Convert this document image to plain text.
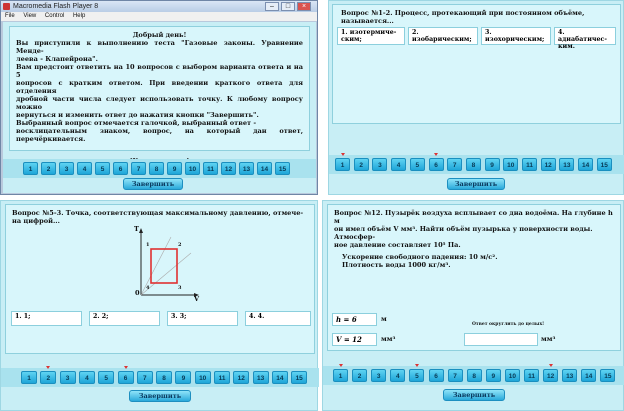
Macromedia Flash Player 8	–	□	×
File View Control Help
Добрый день!
Вы приступили к выполнению теста "Газовые законы. Уравнение Менде-
леева - Клапейрона".
Вам предстоит ответить на 10 вопросов с выбором варианта ответа и на 5
вопросов с кратким ответом. При введении краткого ответа для отделения
дробной части числа следует использовать точку. К любому вопросу можно
вернуться и изменить ответ до нажатия кнопки "Завершить".
Выбранный вопрос отмечается галочкой, выбранный ответ -
восклицательным знаком, вопрос, на который дан ответ, перечёркивается.
1	2	3	4	5	6	7	8	9	10	11	12	13	14	15
Завершить
Вопрос №1-2. Процесс, протекающий при постоянном объёме, называется...
1. изотермиче-
ским;
2. изобарическим;
3. изохорическим;
4. адиабатичес-
ким.
1	2	3	4	5	6	7	8	9	10	11	12	13	14	15
Завершить
Вопрос №5-3. Точка, соответствующая максимальному давлению, отмече-
на цифрой...
T
V
0
1	2
3
4
1. 1;	2. 2;	3. 3;	4. 4.
1	2	3	4	5	6	7	8	9	10	11	12	13	14	15
Завершить
Вопрос №12. Пузырёк воздуха всплывает со дна водоёма. На глубине h м
он имел объём V мм³. Найти объём пузырька у поверхности воды. Атмосфер-
ное давление составляет 10⁵ Па.
Ускорение свободного падения: 10 м/с².
Плотность воды 1000 кг/м³.
h = 6	м
V = 12	мм³
Ответ округлить до целых!
мм³
1	2	3	4	5	6	7	8	9	10	11	12	13	14	15
Завершить
